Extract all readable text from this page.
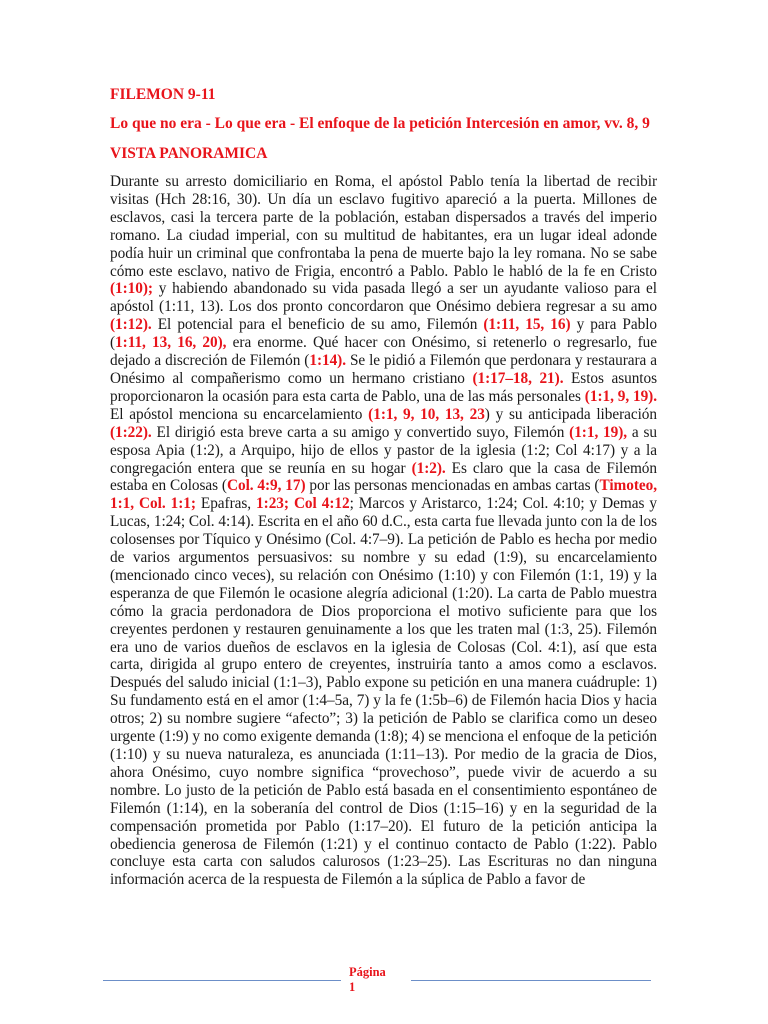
FILEMON 9-11
Lo que no era - Lo que era - El enfoque de la petición Intercesión en amor, vv. 8, 9
VISTA PANORAMICA

Durante su arresto domiciliario en Roma, el apóstol Pablo tenía la libertad de recibir visitas (Hch 28:16, 30). Un día un esclavo fugitivo apareció a la puerta. Millones de esclavos, casi la tercera parte de la población, estaban dispersados a través del imperio romano. La ciudad imperial, con su multitud de habitantes, era un lugar ideal adonde podía huir un criminal que confrontaba la pena de muerte bajo la ley romana. No se sabe cómo este esclavo, nativo de Frigia, encontró a Pablo. Pablo le habló de la fe en Cristo (1:10); y habiendo abandonado su vida pasada llegó a ser un ayudante valioso para el apóstol (1:11, 13). Los dos pronto concordaron que Onésimo debiera regresar a su amo (1:12). El potencial para el beneficio de su amo, Filemón (1:11, 15, 16) y para Pablo (1:11, 13, 16, 20), era enorme. Qué hacer con Onésimo, si retenerlo o regresarlo, fue dejado a discreción de Filemón (1:14). Se le pidió a Filemón que perdonara y restaurara a Onésimo al compañerismo como un hermano cristiano (1:17–18, 21). Estos asuntos proporcionaron la ocasión para esta carta de Pablo, una de las más personales (1:1, 9, 19). El apóstol menciona su encarcelamiento (1:1, 9, 10, 13, 23) y su anticipada liberación (1:22). El dirigió esta breve carta a su amigo y convertido suyo, Filemón (1:1, 19), a su esposa Apia (1:2), a Arquipo, hijo de ellos y pastor de la iglesia (1:2; Col 4:17) y a la congregación entera que se reunía en su hogar (1:2). Es claro que la casa de Filemón estaba en Colosas (Col. 4:9, 17) por las personas mencionadas en ambas cartas (Timoteo, 1:1, Col. 1:1; Epafras, 1:23; Col 4:12; Marcos y Aristarco, 1:24; Col. 4:10; y Demas y Lucas, 1:24; Col. 4:14). Escrita en el año 60 d.C., esta carta fue llevada junto con la de los colosenses por Tíquico y Onésimo (Col. 4:7–9). La petición de Pablo es hecha por medio de varios argumentos persuasivos: su nombre y su edad (1:9), su encarcelamiento (mencionado cinco veces), su relación con Onésimo (1:10) y con Filemón (1:1, 19) y la esperanza de que Filemón le ocasione alegría adicional (1:20). La carta de Pablo muestra cómo la gracia perdonadora de Dios proporciona el motivo suficiente para que los creyentes perdonen y restauren genuinamente a los que les traten mal (1:3, 25). Filemón era uno de varios dueños de esclavos en la iglesia de Colosas (Col. 4:1), así que esta carta, dirigida al grupo entero de creyentes, instruiría tanto a amos como a esclavos. Después del saludo inicial (1:1–3), Pablo expone su petición en una manera cuádruple: 1) Su fundamento está en el amor (1:4–5a, 7) y la fe (1:5b–6) de Filemón hacia Dios y hacia otros; 2) su nombre sugiere “afecto”; 3) la petición de Pablo se clarifica como un deseo urgente (1:9) y no como exigente demanda (1:8); 4) se menciona el enfoque de la petición (1:10) y su nueva naturaleza, es anunciada (1:11–13). Por medio de la gracia de Dios, ahora Onésimo, cuyo nombre significa “provechoso”, puede vivir de acuerdo a su nombre. Lo justo de la petición de Pablo está basada en el consentimiento espontáneo de Filemón (1:14), en la soberanía del control de Dios (1:15–16) y en la seguridad de la compensación prometida por Pablo (1:17–20). El futuro de la petición anticipa la obediencia generosa de Filemón (1:21) y el continuo contacto de Pablo (1:22). Pablo concluye esta carta con saludos calurosos (1:23–25). Las Escrituras no dan ninguna información acerca de la respuesta de Filemón a la súplica de Pablo a favor de

Página
1
